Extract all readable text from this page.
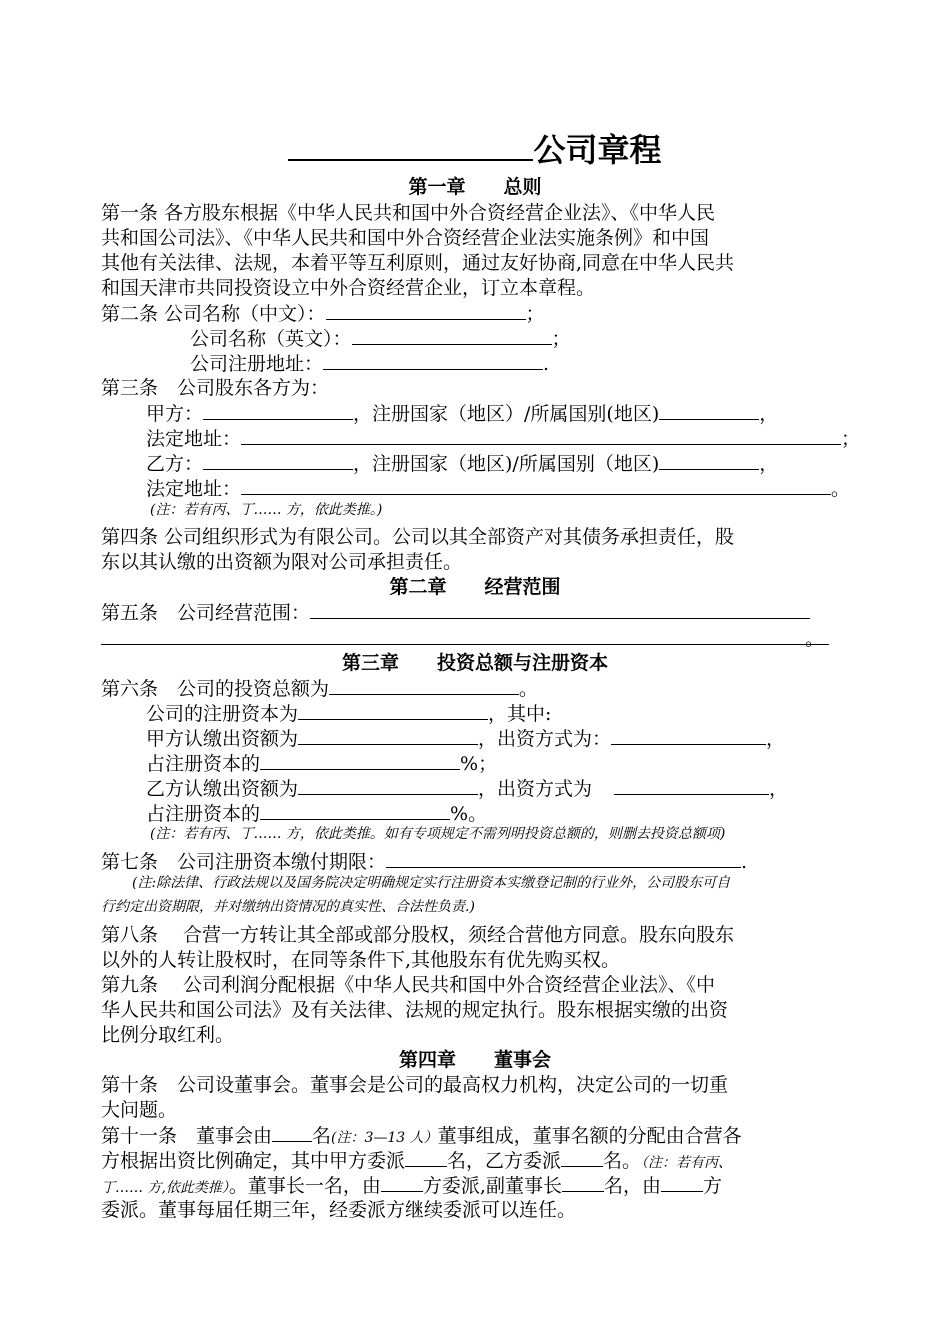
公司章程
第一章　　总则
第一条 各方股东根据《中华人民共和国中外合资经营企业法》、《中华人民
共和国公司法》、《中华人民共和国中外合资经营企业法实施条例》和中国
其他有关法律、法规，本着平等互利原则，通过友好协商,同意在中华人民共
和国天津市共同投资设立中外合资经营企业，订立本章程。
第二条 公司名称（中文）：	；
公司名称（英文）：	；
公司注册地址：	.
第三条　公司股东各方为：
甲方：	，注册国家（地区）/所属国别(地区)	，
法定地址：	；
乙方：	，注册国家（地区)/所属国别（地区)	，
法定地址：	。
(注：若有丙、丁…… 方，依此类推。)
第四条 公司组织形式为有限公司。公司以其全部资产对其债务承担责任，股
东以其认缴的出资额为限对公司承担责任。
第二章　　经营范围
第五条　公司经营范围：
。
第三章　　投资总额与注册资本
第六条　公司的投资总额为	。
公司的注册资本为	，其中:
甲方认缴出资额为	，出资方式为：	，
占注册资本的	%；
乙方认缴出资额为	，出资方式为	，
占注册资本的	%。
(注：若有丙、丁…… 方，依此类推。如有专项规定不需列明投资总额的，则删去投资总额项)
第七条　公司注册资本缴付期限：	.
(注:除法律、行政法规以及国务院决定明确规定实行注册资本实缴登记制的行业外，公司股东可自
行约定出资期限，并对缴纳出资情况的真实性、合法性负责.)
第八条　 合营一方转让其全部或部分股权，须经合营他方同意。股东向股东
以外的人转让股权时，在同等条件下,其他股东有优先购买权。
第九条　 公司利润分配根据《中华人民共和国中外合资经营企业法》、《中
华人民共和国公司法》及有关法律、法规的规定执行。股东根据实缴的出资
比例分取红利。
第四章　　董事会
第十条　公司设董事会。董事会是公司的最高权力机构，决定公司的一切重
大问题。
第十一条　董事会由 名(注：3—13 人）董事组成，董事名额的分配由合营各
方根据出资比例确定，其中甲方委派 名，乙方委派 名。（注：若有丙、
丁…… 方,依此类推）。董事长一名，由 方委派,副董事长 名，由 方
委派。董事每届任期三年，经委派方继续委派可以连任。
